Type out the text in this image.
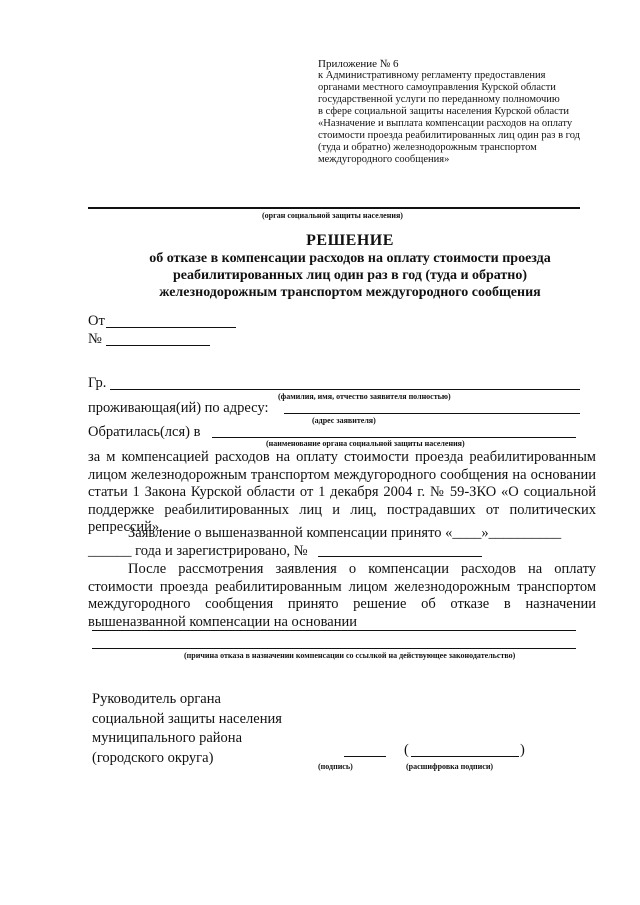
Приложение № 6
к Административному регламенту предоставления
органами местного самоуправления Курской области
государственной услуги по переданному полномочию
в сфере социальной защиты населения Курской области
«Назначение и выплата компенсации расходов на оплату
стоимости проезда реабилитированных лиц один раз в год
(туда и обратно) железнодорожным транспортом
междугородного сообщения»
(орган социальной защиты населения)
РЕШЕНИЕ
об отказе в компенсации расходов на оплату стоимости проезда
реабилитированных лиц один раз в год (туда и обратно)
железнодорожным транспортом междугородного сообщения
От
№
Гр.
(фамилия, имя, отчество заявителя полностью)
проживающая(ий) по адресу:
(адрес заявителя)
Обратилась(лся) в
(наименование органа социальной защиты населения)

за м компенсацией расходов на оплату стоимости проезда реабилитированным лицом железнодорожным транспортом междугородного сообщения на основании статьи 1 Закона Курской области от 1 декабря 2004 г. № 59-ЗКО «О социальной поддержке реабилитированных лиц и лиц, пострадавших от политических репрессий».

Заявление о вышеназванной компенсации принято «____»__________

______ года и зарегистрировано, №

После рассмотрения заявления о компенсации расходов на оплату стоимости проезда реабилитированным лицом железнодорожным транспортом междугородного сообщения принято решение об отказе в назначении вышеназванной компенсации на основании

(причина отказа в назначении компенсации со ссылкой на действующее законодательство)
Руководитель органа
социальной защиты населения
муниципального района
(городского округа)
(подпись)
(	)
(расшифровка подписи)
